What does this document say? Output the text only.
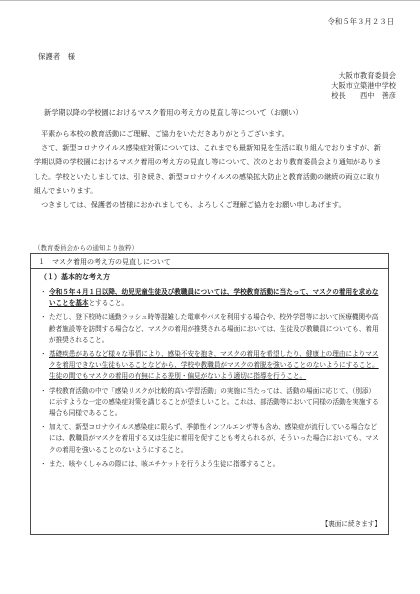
令和５年３月２３日
保護者　様
大阪市教育委員会
大阪市立簗港中学校
校長　　西中　善彦
新学期以降の学校園におけるマスク着用の考え方の見直し等について（お願い）

平素から本校の教育活動にご理解、ご協力をいただきありがとうございます。

さて、新型コロナウイルス感染症対策については、これまでも最新知見を生活に取り組んでおりますが、新学期以降の学校園におけるマスク着用の考え方の見直し等について、次のとおり教育委員会より通知がありました。学校といたしましては、引き続き、新型コロナウイルスの感染拡大防止と教育活動の継続の両立に取り組んでまいります。

つきましては、保護者の皆様におかれましても、よろしくご理解ご協力をお願い申しあげます。

（教育委員会からの通知より抜粋）
１　マスク着用の考え方の見直しについて
（１）基本的な考え方
・ 令和５年４月１日以降、幼児児童生徒及び教職員については、学校教育活動に当たって、マスクの着用を求めないことを基本とすること。
・ ただし、登下校時に通勤ラッシュ時等混雑した電車やバスを利用する場合や、校外学習等において医療機関や高齢者施設等を訪問する場合など、マスクの着用が推奨される場面においては、生徒及び教職員についても、着用が推奨されること。
・ 基礎疾患があるなど様々な事情により、感染不安を抱き、マスクの着用を希望したり、健康上の理由によりマスクを着用できない生徒もいることなどから、学校や教職員がマスクの着脱を強いることのないようにすること。生徒の間でもマスクの着用の有無による差別・偏見がないよう適切に指導を行うこと。
・ 学校教育活動の中で「感染リスクが比較的高い学習活動」の実施に当たっては、活動の場面に応じて、（別添）に示すような一定の感染症対策を講じることが望ましいこと。これは、部活動等において同様の活動を実施する場合も同様であること。
・ 加えて、新型コロナウイルス感染症に限らず、季節性インフルエンザ等も含め、感染症が流行している場合などには、教職員がマスクを着用する又は生徒に着用を促すことも考えられるが、そういった場合においても、マスクの着用を強いることのないようにすること。
・ また、咳やくしゃみの際には、咳エチケットを行うよう生徒に指導すること。
【裏面に続きます】
